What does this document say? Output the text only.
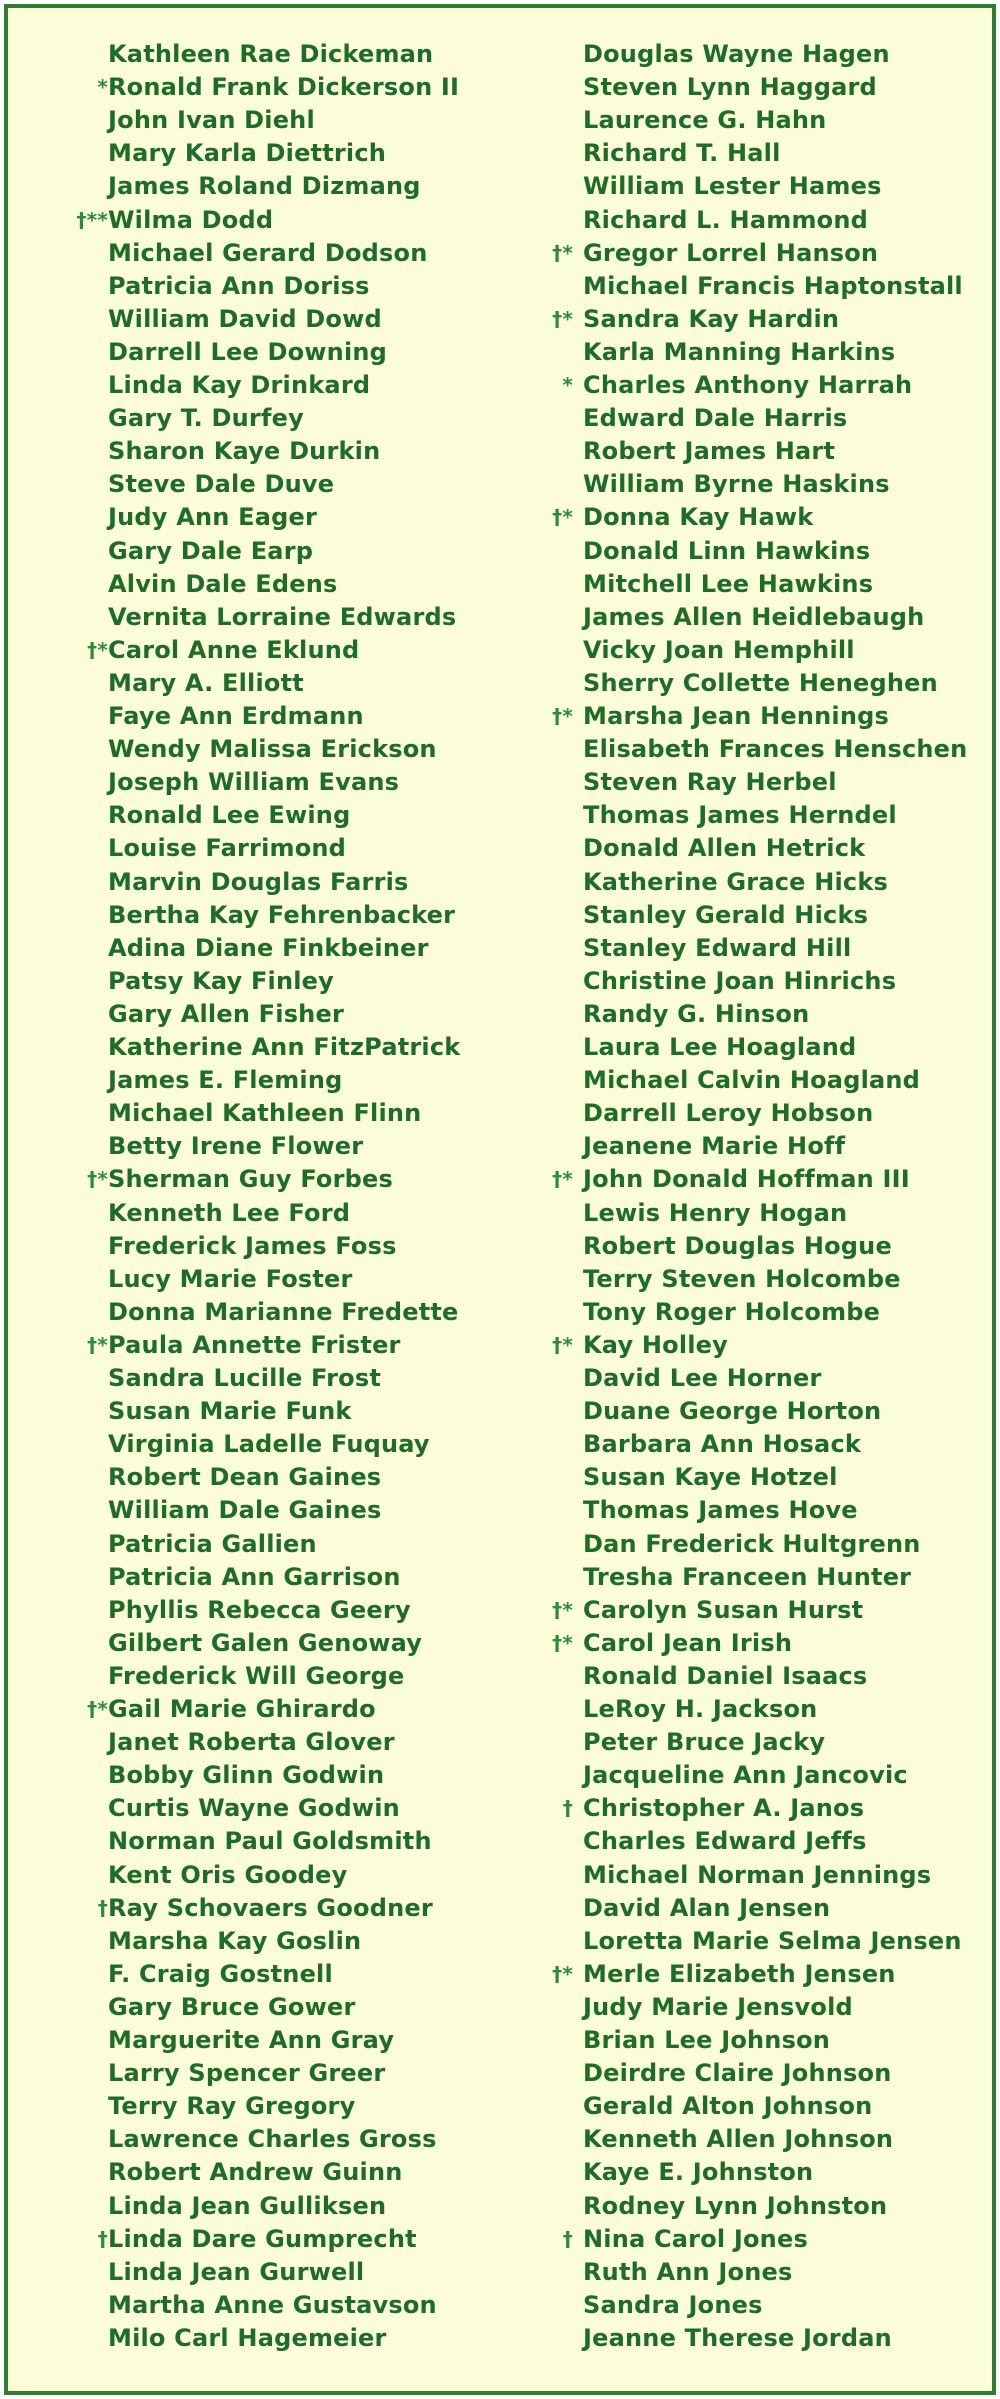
Kathleen Rae Dickeman
* Ronald Frank Dickerson II
John Ivan Diehl
Mary Karla Diettrich
James Roland Dizmang
†** Wilma Dodd
Michael Gerard Dodson
Patricia Ann Doriss
William David Dowd
Darrell Lee Downing
Linda Kay Drinkard
Gary T. Durfey
Sharon Kaye Durkin
Steve Dale Duve
Judy Ann Eager
Gary Dale Earp
Alvin Dale Edens
Vernita Lorraine Edwards
†* Carol Anne Eklund
Mary A. Elliott
Faye Ann Erdmann
Wendy Malissa Erickson
Joseph William Evans
Ronald Lee Ewing
Louise Farrimond
Marvin Douglas Farris
Bertha Kay Fehrenbacker
Adina Diane Finkbeiner
Patsy Kay Finley
Gary Allen Fisher
Katherine Ann FitzPatrick
James E. Fleming
Michael Kathleen Flinn
Betty Irene Flower
†* Sherman Guy Forbes
Kenneth Lee Ford
Frederick James Foss
Lucy Marie Foster
Donna Marianne Fredette
†* Paula Annette Frister
Sandra Lucille Frost
Susan Marie Funk
Virginia Ladelle Fuquay
Robert Dean Gaines
William Dale Gaines
Patricia Gallien
Patricia Ann Garrison
Phyllis Rebecca Geery
Gilbert Galen Genoway
Frederick Will George
†* Gail Marie Ghirardo
Janet Roberta Glover
Bobby Glinn Godwin
Curtis Wayne Godwin
Norman Paul Goldsmith
Kent Oris Goodey
† Ray Schovaers Goodner
Marsha Kay Goslin
F. Craig Gostnell
Gary Bruce Gower
Marguerite Ann Gray
Larry Spencer Greer
Terry Ray Gregory
Lawrence Charles Gross
Robert Andrew Guinn
Linda Jean Gulliksen
† Linda Dare Gumprecht
Linda Jean Gurwell
Martha Anne Gustavson
Milo Carl Hagemeier
Douglas Wayne Hagen
Steven Lynn Haggard
Laurence G. Hahn
Richard T. Hall
William Lester Hames
Richard L. Hammond
†* Gregor Lorrel Hanson
Michael Francis Haptonstall
†* Sandra Kay Hardin
Karla Manning Harkins
* Charles Anthony Harrah
Edward Dale Harris
Robert James Hart
William Byrne Haskins
†* Donna Kay Hawk
Donald Linn Hawkins
Mitchell Lee Hawkins
James Allen Heidlebaugh
Vicky Joan Hemphill
Sherry Collette Heneghen
†* Marsha Jean Hennings
Elisabeth Frances Henschen
Steven Ray Herbel
Thomas James Herndel
Donald Allen Hetrick
Katherine Grace Hicks
Stanley Gerald Hicks
Stanley Edward Hill
Christine Joan Hinrichs
Randy G. Hinson
Laura Lee Hoagland
Michael Calvin Hoagland
Darrell Leroy Hobson
Jeanene Marie Hoff
†* John Donald Hoffman III
Lewis Henry Hogan
Robert Douglas Hogue
Terry Steven Holcombe
Tony Roger Holcombe
†* Kay Holley
David Lee Horner
Duane George Horton
Barbara Ann Hosack
Susan Kaye Hotzel
Thomas James Hove
Dan Frederick Hultgrenn
Tresha Franceen Hunter
†* Carolyn Susan Hurst
†* Carol Jean Irish
Ronald Daniel Isaacs
LeRoy H. Jackson
Peter Bruce Jacky
Jacqueline Ann Jancovic
† Christopher A. Janos
Charles Edward Jeffs
Michael Norman Jennings
David Alan Jensen
Loretta Marie Selma Jensen
†* Merle Elizabeth Jensen
Judy Marie Jensvold
Brian Lee Johnson
Deirdre Claire Johnson
Gerald Alton Johnson
Kenneth Allen Johnson
Kaye E. Johnston
Rodney Lynn Johnston
† Nina Carol Jones
Ruth Ann Jones
Sandra Jones
Jeanne Therese Jordan
